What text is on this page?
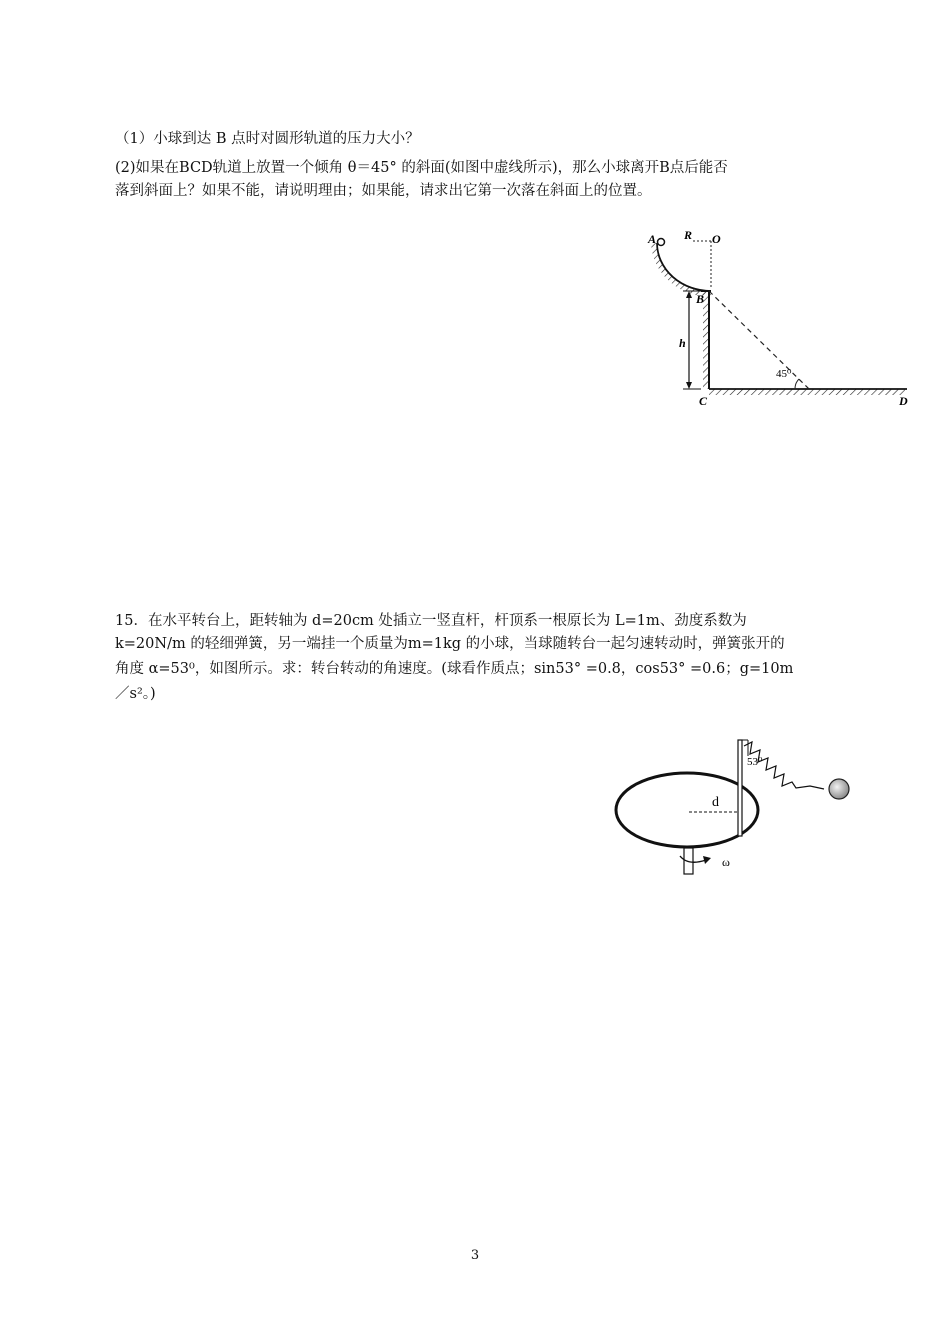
（1）小球到达 B 点时对圆形轨道的压力大小？
(2)如果在BCD轨道上放置一个倾角 θ＝45° 的斜面(如图中虚线所示)，那么小球离开B点后能否
落到斜面上？如果不能，请说明理由；如果能，请求出它第一次落在斜面上的位置。
A R O
B
h
C	D
45⁰
15．在水平转台上，距转轴为 d=20cm 处插立一竖直杆，杆顶系一根原长为 L=1m、劲度系数为
k=20N/m 的轻细弹簧，另一端挂一个质量为m=1kg 的小球，当球随转台一起匀速转动时，弹簧张开的
角度 α=53⁰，如图所示。求：转台转动的角速度。(球看作质点；sin53° =0.8，cos53° =0.6；g=10m
／s²。)
d
53⁰
ω
3
